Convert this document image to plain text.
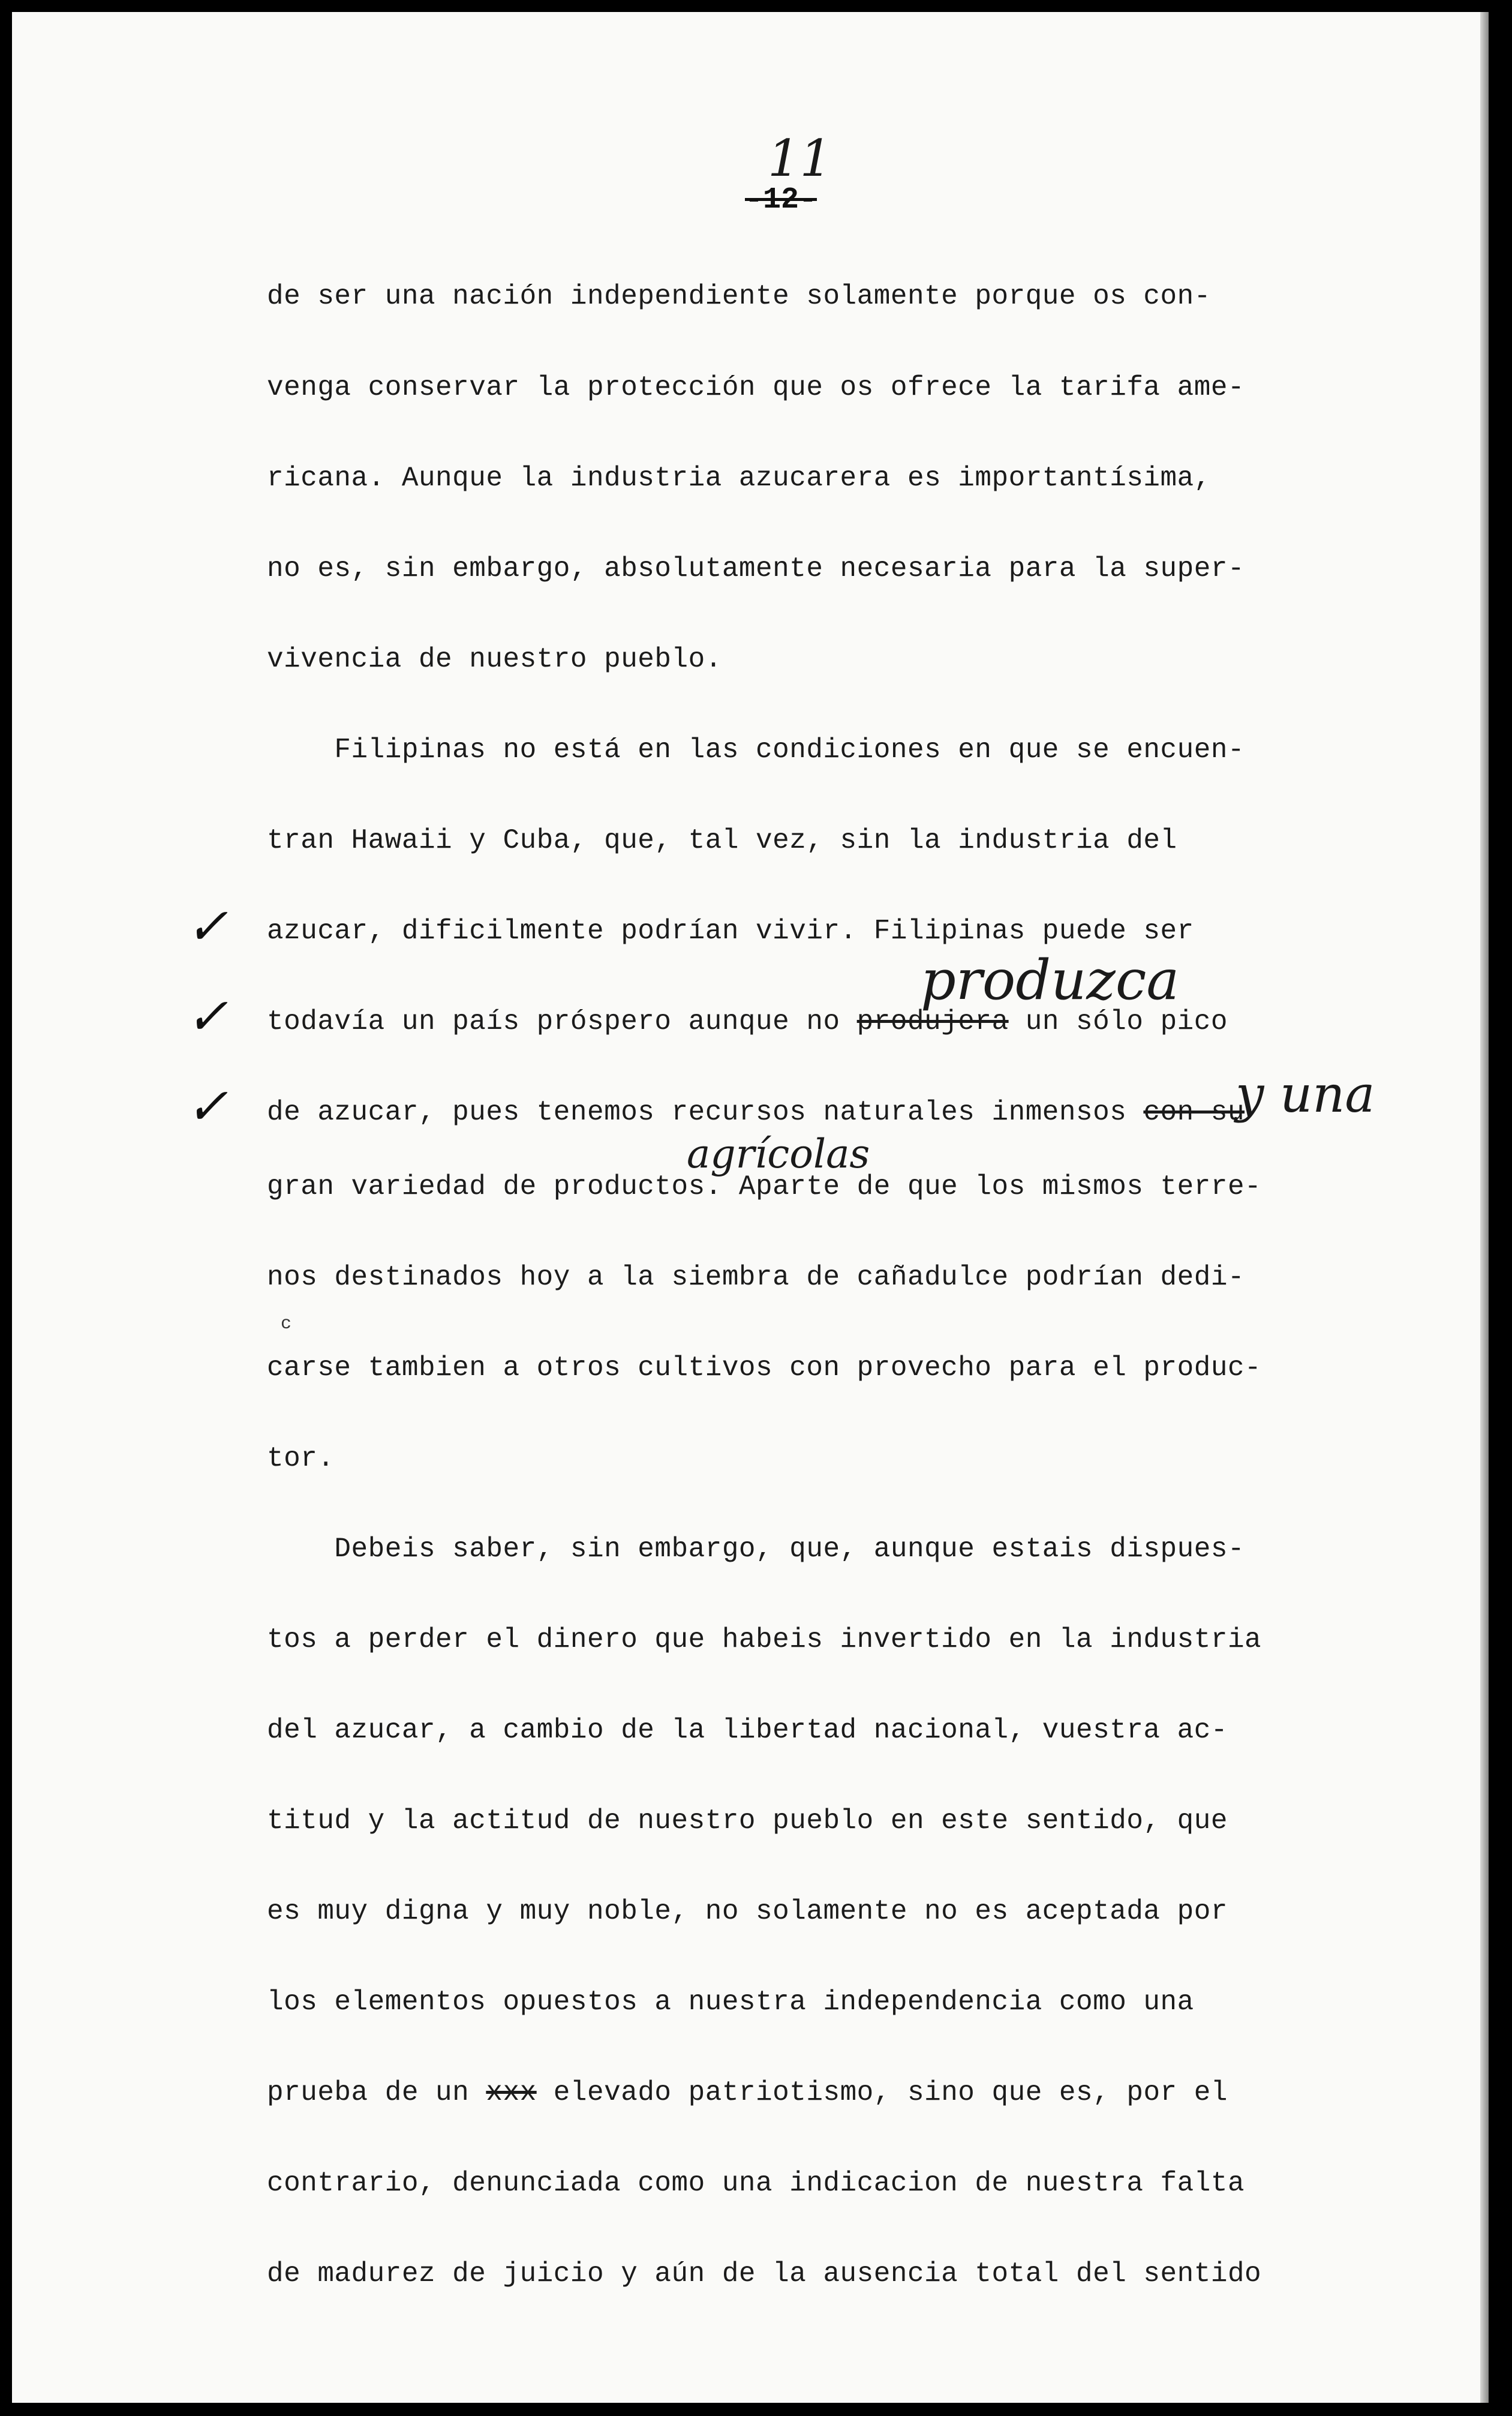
11
-12-
de ser una nación independiente solamente porque os con-
venga conservar la protección que os ofrece la tarifa ame-
ricana. Aunque la industria azucarera es importantísima,
no es, sin embargo, absolutamente necesaria para la super-
vivencia de nuestro pueblo.
Filipinas no está en las condiciones en que se encuen-
tran Hawaii y Cuba, que, tal vez, sin la industria del
azucar, dificilmente podrían vivir. Filipinas puede ser
todavía un país próspero aunque no produjera un sólo pico
de azucar, pues tenemos recursos naturales inmensos con su
gran variedad de productos. Aparte de que los mismos terre-
nos destinados hoy a la siembra de cañadulce podrían dedi-
carse tambien a otros cultivos con provecho para el produc-
tor.
Debeis saber, sin embargo, que, aunque estais dispues-
tos a perder el dinero que habeis invertido en la industria
del azucar, a cambio de la libertad nacional, vuestra ac-
titud y la actitud de nuestro pueblo en este sentido, que
es muy digna y muy noble, no solamente no es aceptada por
los elementos opuestos a nuestra independencia como una
prueba de un xxx elevado patriotismo, sino que es, por el
contrario, denunciada como una indicacion de nuestra falta
de madurez de juicio y aún de la ausencia total del sentido
produzca
y una
agrícolas
c
✓
✓
✓
